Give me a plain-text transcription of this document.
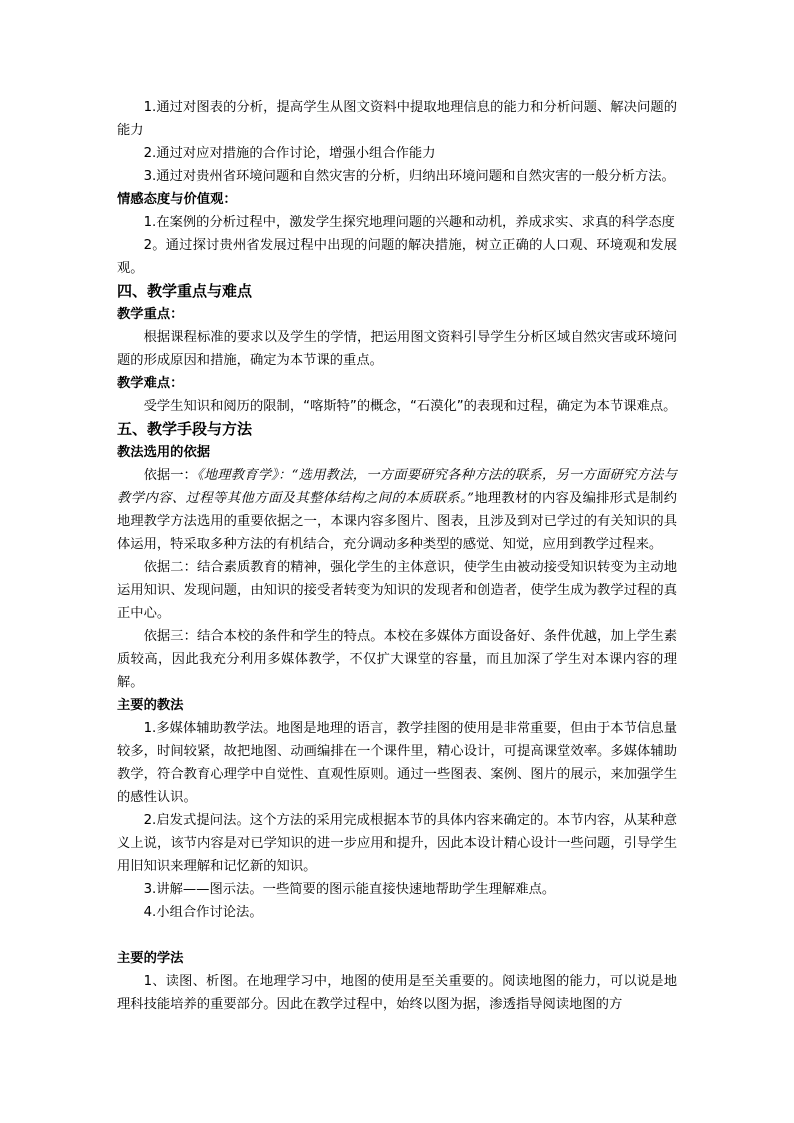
1.通过对图表的分析，提高学生从图文资料中提取地理信息的能力和分析问题、解决问题的能力

2.通过对应对措施的合作讨论，增强小组合作能力

3.通过对贵州省环境问题和自然灾害的分析，归纳出环境问题和自然灾害的一般分析方法。

情感态度与价值观：

1.在案例的分析过程中，激发学生探究地理问题的兴趣和动机，养成求实、求真的科学态度

2。通过探讨贵州省发展过程中出现的问题的解决措施，树立正确的人口观、环境观和发展观。

四、教学重点与难点

教学重点：

根据课程标准的要求以及学生的学情，把运用图文资料引导学生分析区域自然灾害或环境问题的形成原因和措施，确定为本节课的重点。

教学难点：

受学生知识和阅历的限制，“喀斯特”的概念，“石漠化”的表现和过程，确定为本节课难点。

五、教学手段与方法

教法选用的依据

依据一：《地理教育学》：“选用教法，一方面要研究各种方法的联系，另一方面研究方法与教学内容、过程等其他方面及其整体结构之间的本质联系。”地理教材的内容及编排形式是制约地理教学方法选用的重要依据之一，本课内容多图片、图表，且涉及到对已学过的有关知识的具体运用，特采取多种方法的有机结合，充分调动多种类型的感觉、知觉，应用到教学过程来。

依据二：结合素质教育的精神，强化学生的主体意识，使学生由被动接受知识转变为主动地运用知识、发现问题，由知识的接受者转变为知识的发现者和创造者，使学生成为教学过程的真正中心。

依据三：结合本校的条件和学生的特点。本校在多媒体方面设备好、条件优越，加上学生素质较高，因此我充分利用多媒体教学，不仅扩大课堂的容量，而且加深了学生对本课内容的理解。

主要的教法

1.多媒体辅助教学法。地图是地理的语言，教学挂图的使用是非常重要，但由于本节信息量较多，时间较紧，故把地图、动画编排在一个课件里，精心设计，可提高课堂效率。多媒体辅助教学，符合教育心理学中自觉性、直观性原则。通过一些图表、案例、图片的展示，来加强学生的感性认识。

2.启发式提问法。这个方法的采用完成根据本节的具体内容来确定的。本节内容，从某种意义上说，该节内容是对已学知识的进一步应用和提升，因此本设计精心设计一些问题，引导学生用旧知识来理解和记忆新的知识。

3.讲解——图示法。一些简要的图示能直接快速地帮助学生理解难点。

4.小组合作讨论法。

主要的学法

1、读图、析图。在地理学习中，地图的使用是至关重要的。阅读地图的能力，可以说是地理科技能培养的重要部分。因此在教学过程中，始终以图为据，渗透指导阅读地图的方
